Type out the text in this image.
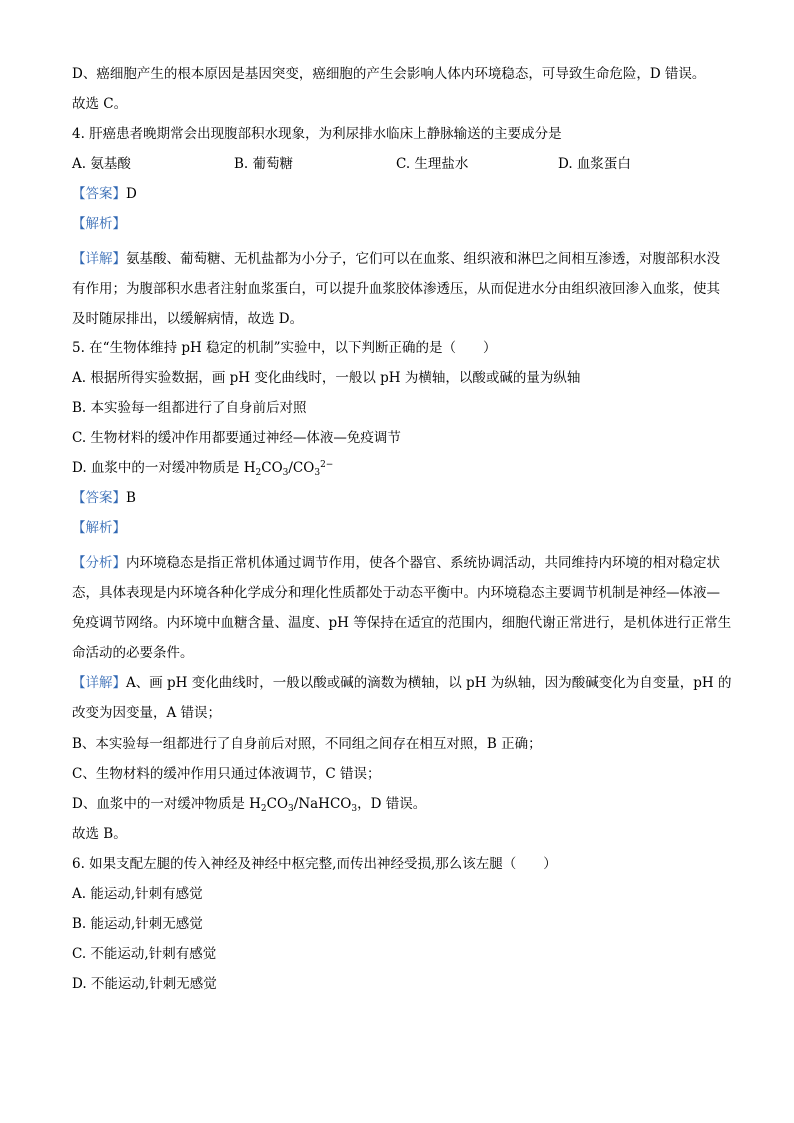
D、癌细胞产生的根本原因是基因突变，癌细胞的产生会影响人体内环境稳态，可导致生命危险，D 错误。
故选 C。
4. 肝癌患者晚期常会出现腹部积水现象，为利尿排水临床上静脉输送的主要成分是
A. 氨基酸	B. 葡萄糖	C. 生理盐水	D. 血浆蛋白
【答案】D
【解析】
【详解】氨基酸、葡萄糖、无机盐都为小分子，它们可以在血浆、组织液和淋巴之间相互渗透，对腹部积水没有作用；为腹部积水患者注射血浆蛋白，可以提升血浆胶体渗透压，从而促进水分由组织液回渗入血浆，使其及时随尿排出，以缓解病情，故选 D。
5. 在“生物体维持 pH 稳定的机制”实验中，以下判断正确的是（　　）
A. 根据所得实验数据，画 pH 变化曲线时，一般以 pH 为横轴，以酸或碱的量为纵轴
B. 本实验每一组都进行了自身前后对照
C. 生物材料的缓冲作用都要通过神经—体液—免疫调节
D. 血浆中的一对缓冲物质是 $H_2CO_3/CO_3^{2-}$
【答案】B
【解析】
【分析】内环境稳态是指正常机体通过调节作用，使各个器官、系统协调活动，共同维持内环境的相对稳定状态，具体表现是内环境各种化学成分和理化性质都处于动态平衡中。内环境稳态主要调节机制是神经—体液—免疫调节网络。内环境中血糖含量、温度、pH 等保持在适宜的范围内，细胞代谢正常进行，是机体进行正常生命活动的必要条件。
【详解】A、画 pH 变化曲线时，一般以酸或碱的滴数为横轴，以 pH 为纵轴，因为酸碱变化为自变量，pH 的改变为因变量，A 错误；
B、本实验每一组都进行了自身前后对照，不同组之间存在相互对照，B 正确；
C、生物材料的缓冲作用只通过体液调节，C 错误；
D、血浆中的一对缓冲物质是 $H_2CO_3/NaHCO_3$，D 错误。
故选 B。
6. 如果支配左腿的传入神经及神经中枢完整,而传出神经受损,那么该左腿（　　）
A. 能运动,针刺有感觉
B. 能运动,针刺无感觉
C. 不能运动,针刺有感觉
D. 不能运动,针刺无感觉
